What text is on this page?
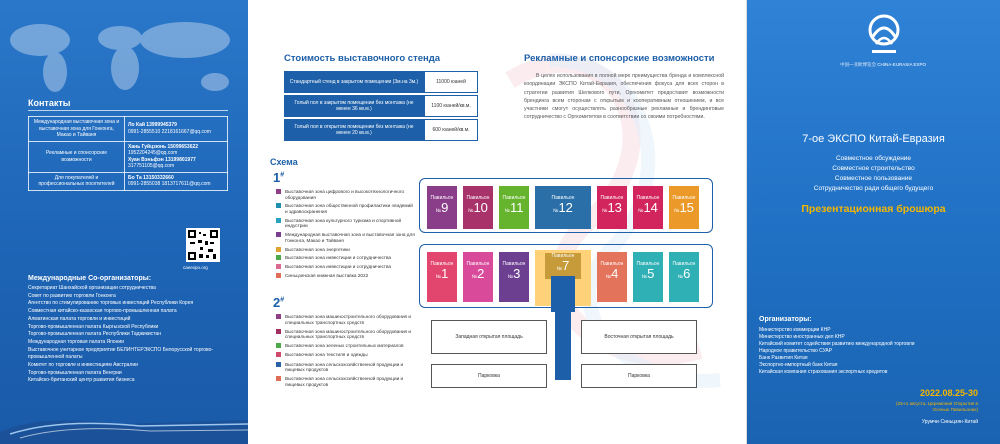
Контакты
Международная выставочная зона и выставочная зона для Гонконга, Макао и Тайваня	Ло Кай 13999945379
0991-2855510 2218161667@qq.com

Рекламные и спонсорские возможности	Хань Гуйцзюнь 15099653622
1952204245@qq.com
Хуан Вэньфэн 13199801977
317751105@qq.com

Для покупателей и профессиональных посетителей	Бо Та 13150332660
0991-2855038 1813717611@qq.com
caeexpo.org
Международные Со-организаторы:
Секретариат Шанхайской организации сотрудничества
Совет по развитию торговли Гонконга
Агентство по стимулированию торговых инвестиций Республики Корея
Совместная китайско-казахская торгово-промышленная палата
Алматинская палата торговли и инвестиций
Торгово-промышленная палата Кыргызской Республики
Торгово-промышленная палата Республики Таджикистан
Международная торговая палата Японии
Выставочное унитарное предприятие БЕЛИНТЕРЭКСПО Белорусской торгово-промышленной палаты
Комитет по торговле и инвестициям Австралии
Торгово-промышленная палата Венгрии
Китайско-британский центр развития бизнеса
Стоимость выставочного стенда
Стандартный стенд в закрытом помещении (3м.на 3м.)	11000 юаней
Голый пол в закрытом помещении без монтажа (не менее 36 кв.м.)	1100 юаней/кв.м.
Голый пол в открытом помещении без монтажа (не менее 20 кв.м.)	600 юаней/кв.м.
Рекламные и спонсорские возможности

В целях использования в полной мере преимущества бренда и комплексной координации ЭКСПО Китай-Евразия, обеспечения фокуса для всех сторон в стратегии развития Шелкового пути, Оргкомитет предоставит возможности брендинга всем сторонам с открытым и кооперативным отношением, и все участники смогут осуществлять разнообразные рекламные и брендинговые сотрудничество с Оргкомитетом в соответствии со своими потребностями.

Схема
1#
Выставочная зона цифрового и высокотехнологичного оборудования
Выставочная зона общественной профилактики эпидемий и здравоохранения
Выставочная зона культурного туризма и спортивной индустрии
Международная выставочная зона и выставочная зона для Гонконга, Макао и Тайваня
Выставочная зона энергетики
Выставочная зона инвестиции и сотрудничества
Выставочная зона инвестиции и сотрудничества
Синьцзянская книжная выставка 2022
2#
Выставочная зона машиностроительного оборудования и специальных транспортных средств
Выставочная зона машиностроительного оборудования и специальных транспортных средств
Выставочная зона зеленых строительных материалов
Выставочная зона текстиля и одежды
Выставочная зона сельскохозяйственной продукции и пищевых продуктов
Выставочная зона сельскохозяйственной продукции и пищевых продуктов
Павильон
№9
Павильон
№10
Павильон
№11
Павильон
№12
Павильон
№13
Павильон
№14
Павильон
№15
Павильон
№1
Павильон
№2
Павильон
№3
Павильон
№7	Павильон
№4
Павильон
№5
Павильон
№6
Западная открытая площадь	Восточная открытая площадь
Парковка	Парковка
中国—亚欧博览会 CHINA-EURASIA EXPO
7-ое ЭКСПО Китай-Евразия
Совместное обсуждение
Совместное строительство
Совместное пользование
Сотрудничество ради общего будущего
Презентационная брошюра
Организаторы:
Министерство коммерции КНР
Министерство иностранных дел КНР
Китайский комитет содействия развитию международной торговли
Народное правительство СУАР
Банк Развития Китая
Экспортно-импортный банк Китая
Китайская компания страхования экспортных кредитов
2022.08.25-30
(25-го августа, Церемония Открытия в Осенью Павильонах)
Урумчи·Синьцзян·Китай
